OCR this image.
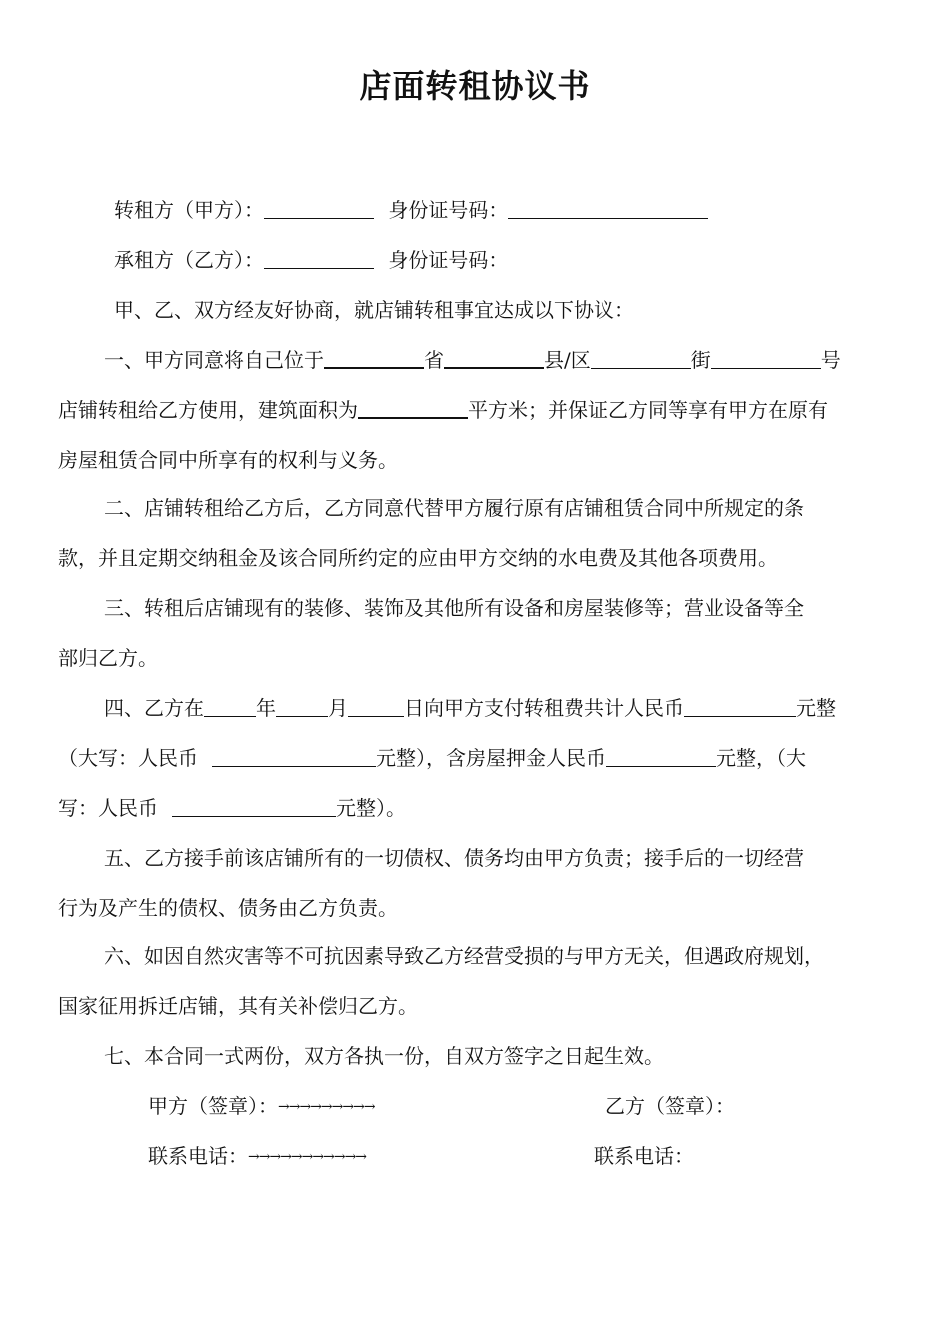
店面转租协议书
转租方（甲方）：	身份证号码：
承租方（乙方）：	身份证号码：
甲、乙、双方经友好协商，就店铺转租事宜达成以下协议：
一、甲方同意将自己位于	省	县/区	街	号
店铺转租给乙方使用，建筑面积为	平方米；并保证乙方同等享有甲方在原有
房屋租赁合同中所享有的权利与义务。
二、店铺转租给乙方后，乙方同意代替甲方履行原有店铺租赁合同中所规定的条
款，并且定期交纳租金及该合同所约定的应由甲方交纳的水电费及其他各项费用。
三、转租后店铺现有的装修、装饰及其他所有设备和房屋装修等；营业设备等全
部归乙方。
四、乙方在	年	月	日向甲方支付转租费共计人民币	元整
（大写：人民币	元整），含房屋押金人民币	元整，（大
写：人民币	元整）。
五、乙方接手前该店铺所有的一切债权、债务均由甲方负责；接手后的一切经营
行为及产生的债权、债务由乙方负责。
六、如因自然灾害等不可抗因素导致乙方经营受损的与甲方无关，但遇政府规划，
国家征用拆迁店铺，其有关补偿归乙方。
七、本合同一式两份，双方各执一份，自双方签字之日起生效。
甲方（签章）：→→→→→→→→→	乙方（签章）：
联系电话：→→→→→→→→→→→	联系电话：
